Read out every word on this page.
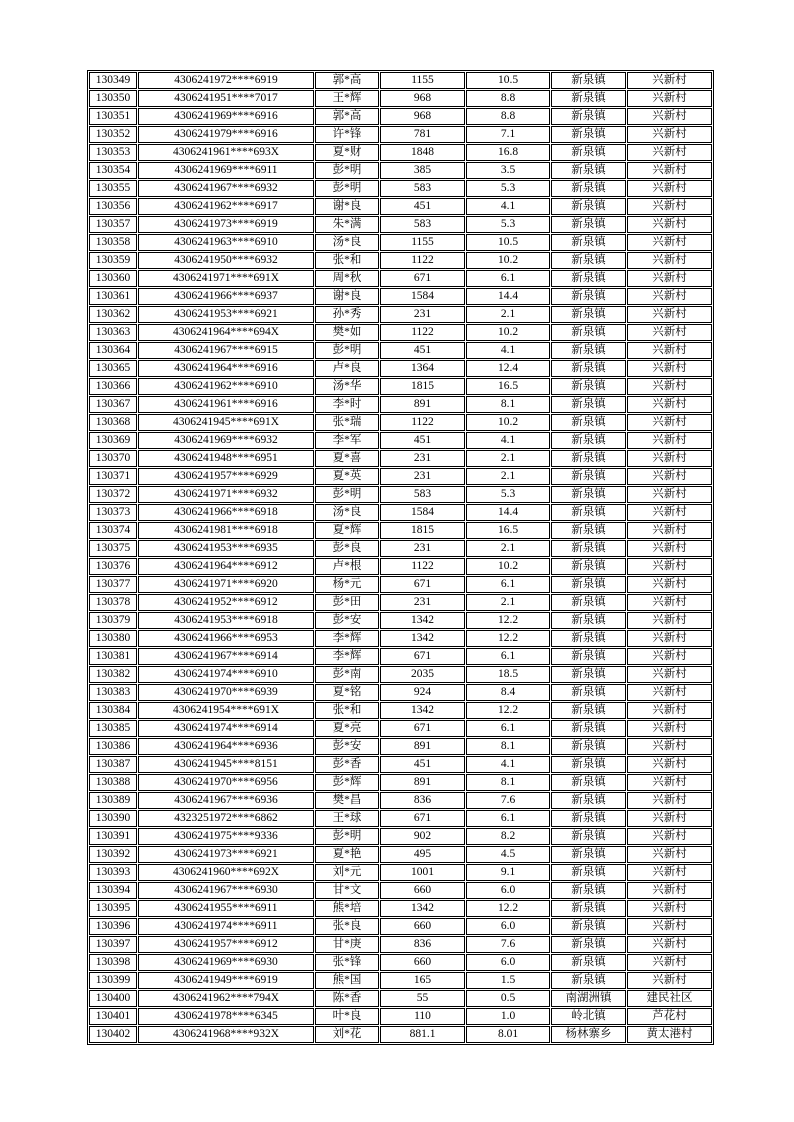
130349	4306241972****6919	郭*高	1155	10.5	新泉镇	兴新村
130350	4306241951****7017	王*辉	968	8.8	新泉镇	兴新村
130351	4306241969****6916	郭*高	968	8.8	新泉镇	兴新村
130352	4306241979****6916	许*锋	781	7.1	新泉镇	兴新村
130353	4306241961****693X	夏*财	1848	16.8	新泉镇	兴新村
130354	4306241969****6911	彭*明	385	3.5	新泉镇	兴新村
130355	4306241967****6932	彭*明	583	5.3	新泉镇	兴新村
130356	4306241962****6917	谢*良	451	4.1	新泉镇	兴新村
130357	4306241973****6919	朱*满	583	5.3	新泉镇	兴新村
130358	4306241963****6910	汤*良	1155	10.5	新泉镇	兴新村
130359	4306241950****6932	张*和	1122	10.2	新泉镇	兴新村
130360	4306241971****691X	周*秋	671	6.1	新泉镇	兴新村
130361	4306241966****6937	谢*良	1584	14.4	新泉镇	兴新村
130362	4306241953****6921	孙*秀	231	2.1	新泉镇	兴新村
130363	4306241964****694X	樊*如	1122	10.2	新泉镇	兴新村
130364	4306241967****6915	彭*明	451	4.1	新泉镇	兴新村
130365	4306241964****6916	卢*良	1364	12.4	新泉镇	兴新村
130366	4306241962****6910	汤*华	1815	16.5	新泉镇	兴新村
130367	4306241961****6916	李*时	891	8.1	新泉镇	兴新村
130368	4306241945****691X	张*瑞	1122	10.2	新泉镇	兴新村
130369	4306241969****6932	李*军	451	4.1	新泉镇	兴新村
130370	4306241948****6951	夏*喜	231	2.1	新泉镇	兴新村
130371	4306241957****6929	夏*英	231	2.1	新泉镇	兴新村
130372	4306241971****6932	彭*明	583	5.3	新泉镇	兴新村
130373	4306241966****6918	汤*良	1584	14.4	新泉镇	兴新村
130374	4306241981****6918	夏*辉	1815	16.5	新泉镇	兴新村
130375	4306241953****6935	彭*良	231	2.1	新泉镇	兴新村
130376	4306241964****6912	卢*根	1122	10.2	新泉镇	兴新村
130377	4306241971****6920	杨*元	671	6.1	新泉镇	兴新村
130378	4306241952****6912	彭*田	231	2.1	新泉镇	兴新村
130379	4306241953****6918	彭*安	1342	12.2	新泉镇	兴新村
130380	4306241966****6953	李*辉	1342	12.2	新泉镇	兴新村
130381	4306241967****6914	李*辉	671	6.1	新泉镇	兴新村
130382	4306241974****6910	彭*南	2035	18.5	新泉镇	兴新村
130383	4306241970****6939	夏*铭	924	8.4	新泉镇	兴新村
130384	4306241954****691X	张*和	1342	12.2	新泉镇	兴新村
130385	4306241974****6914	夏*亮	671	6.1	新泉镇	兴新村
130386	4306241964****6936	彭*安	891	8.1	新泉镇	兴新村
130387	4306241945****8151	彭*香	451	4.1	新泉镇	兴新村
130388	4306241970****6956	彭*辉	891	8.1	新泉镇	兴新村
130389	4306241967****6936	樊*昌	836	7.6	新泉镇	兴新村
130390	4323251972****6862	王*球	671	6.1	新泉镇	兴新村
130391	4306241975****9336	彭*明	902	8.2	新泉镇	兴新村
130392	4306241973****6921	夏*艳	495	4.5	新泉镇	兴新村
130393	4306241960****692X	刘*元	1001	9.1	新泉镇	兴新村
130394	4306241967****6930	甘*文	660	6.0	新泉镇	兴新村
130395	4306241955****6911	熊*培	1342	12.2	新泉镇	兴新村
130396	4306241974****6911	张*良	660	6.0	新泉镇	兴新村
130397	4306241957****6912	甘*庚	836	7.6	新泉镇	兴新村
130398	4306241969****6930	张*锋	660	6.0	新泉镇	兴新村
130399	4306241949****6919	熊*国	165	1.5	新泉镇	兴新村
130400	4306241962****794X	陈*香	55	0.5	南湖洲镇	建民社区
130401	4306241978****6345	叶*良	110	1.0	岭北镇	芦花村
130402	4306241968****932X	刘*花	881.1	8.01	杨林寨乡	黄太港村
